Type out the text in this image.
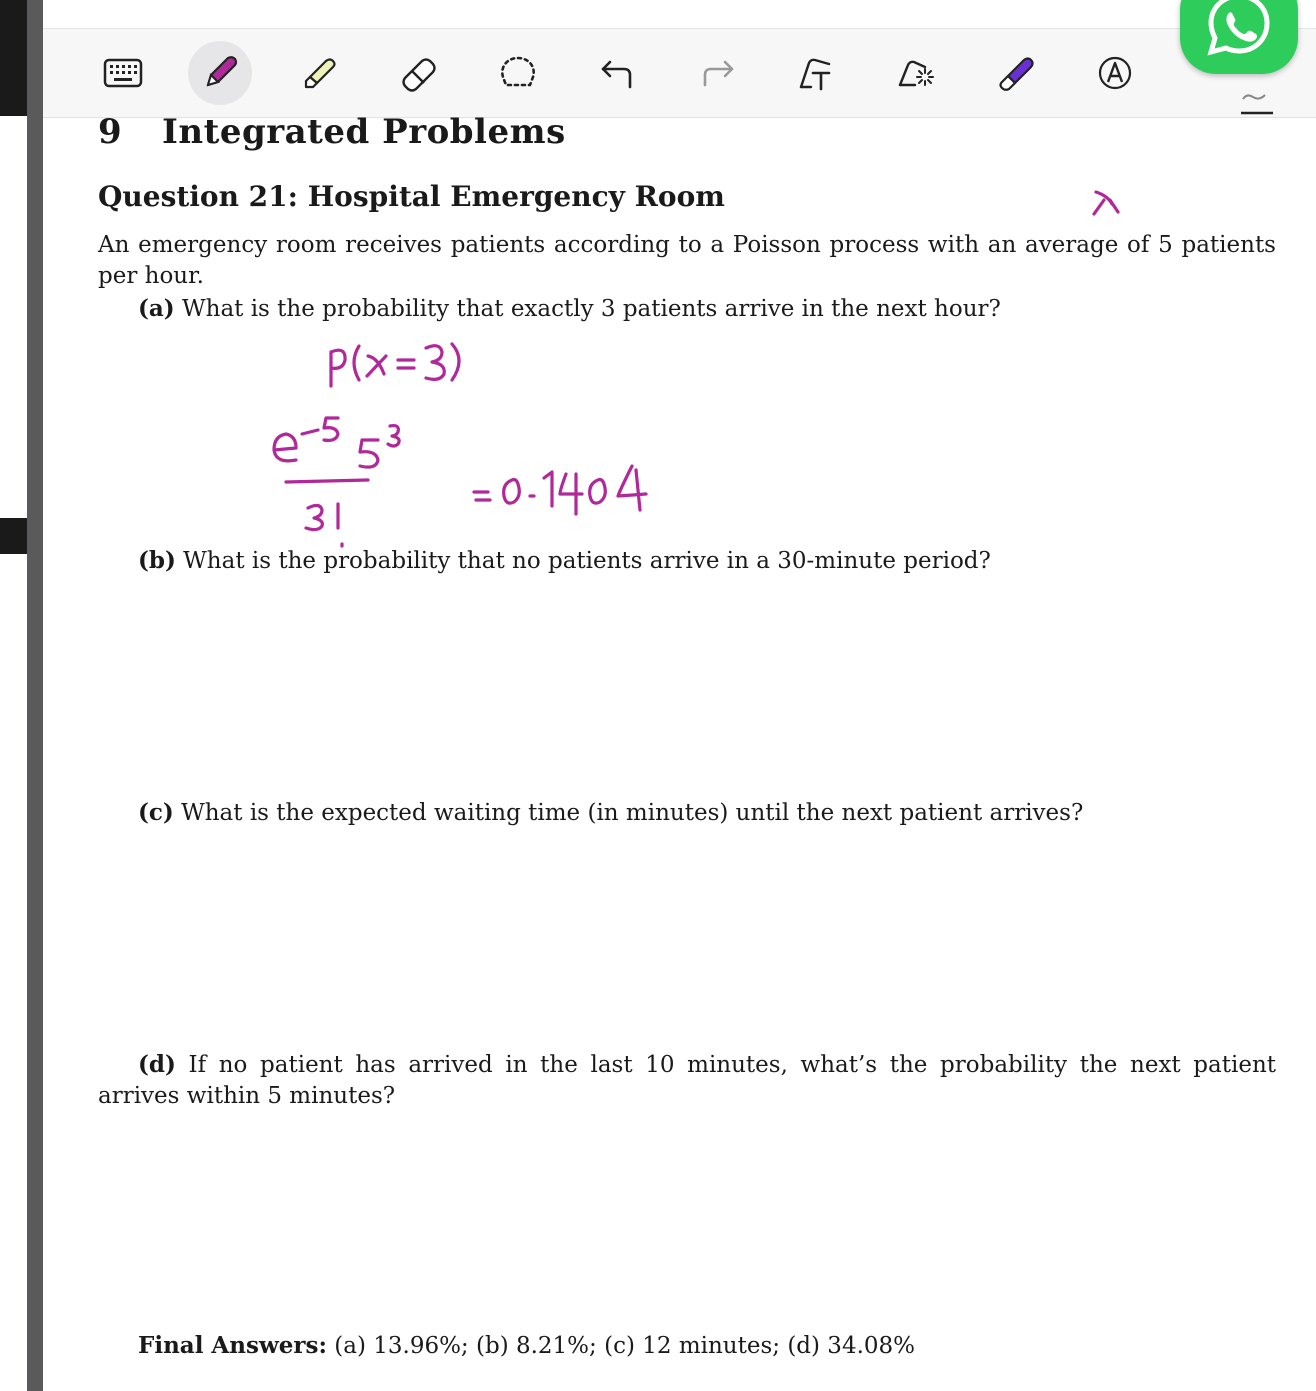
9 Integrated Problems
Question 21: Hospital Emergency Room
An emergency room receives patients according to a Poisson process with an average of 5 patients per hour.
(a) What is the probability that exactly 3 patients arrive in the next hour?
(b) What is the probability that no patients arrive in a 30-minute period?
(c) What is the expected waiting time (in minutes) until the next patient arrives?
(d) If no patient has arrived in the last 10 minutes, what’s the probability the next patient arrives within 5 minutes?
Final Answers: (a) 13.96%; (b) 8.21%; (c) 12 minutes; (d) 34.08%
